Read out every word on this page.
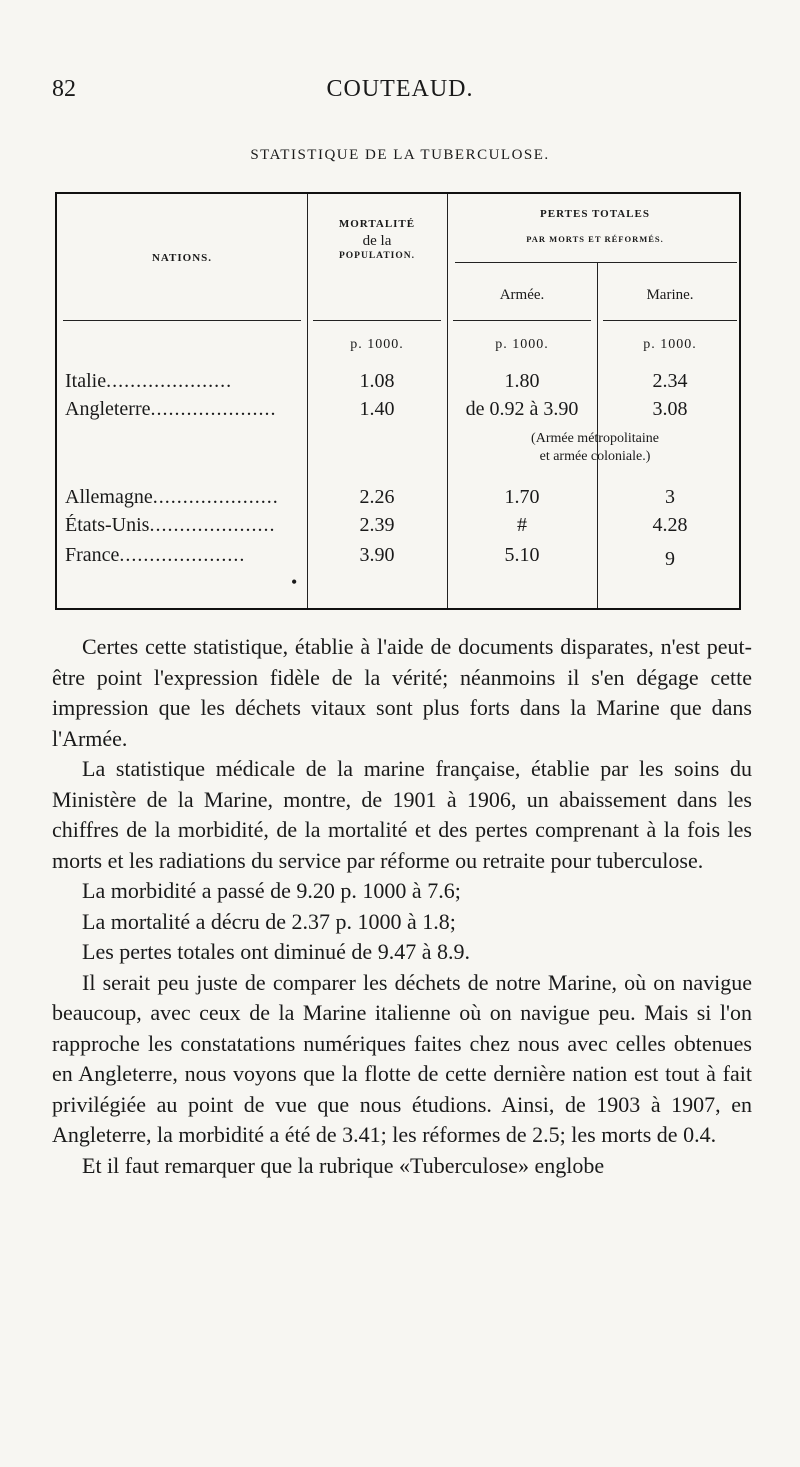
82	COUTEAUD.
STATISTIQUE DE LA TUBERCULOSE.
NATIONS.
MORTALITÉ
de la
POPULATION.
PERTES TOTALES
PAR MORTS ET RÉFORMÉS.
Armée.	Marine.
p. 1000.	p. 1000.	p. 1000.
Italie.....................	1.08	1.80	2.34
Angleterre.....................	1.40	de 0.92 à 3.90	3.08
(Armée métropolitaine
et armée coloniale.)
Allemagne.....................	2.26	1.70	3
États-Unis.....................	2.39	#	4.28
France.....................	3.90	5.10	9
•

Certes cette statistique, établie à l'aide de documents disparates, n'est peut-être point l'expression fidèle de la vérité; néanmoins il s'en dégage cette impression que les déchets vitaux sont plus forts dans la Marine que dans l'Armée.

La statistique médicale de la marine française, établie par les soins du Ministère de la Marine, montre, de 1901 à 1906, un abaissement dans les chiffres de la morbidité, de la mortalité et des pertes comprenant à la fois les morts et les radiations du service par réforme ou retraite pour tuberculose.

La morbidité a passé de 9.20 p. 1000 à 7.6;

La mortalité a décru de 2.37 p. 1000 à 1.8;

Les pertes totales ont diminué de 9.47 à 8.9.

Il serait peu juste de comparer les déchets de notre Marine, où on navigue beaucoup, avec ceux de la Marine italienne où on navigue peu. Mais si l'on rapproche les constatations numériques faites chez nous avec celles obtenues en Angleterre, nous voyons que la flotte de cette dernière nation est tout à fait privilégiée au point de vue que nous étudions. Ainsi, de 1903 à 1907, en Angleterre, la morbidité a été de 3.41; les réformes de 2.5; les morts de 0.4.

Et il faut remarquer que la rubrique «Tuberculose» englobe
